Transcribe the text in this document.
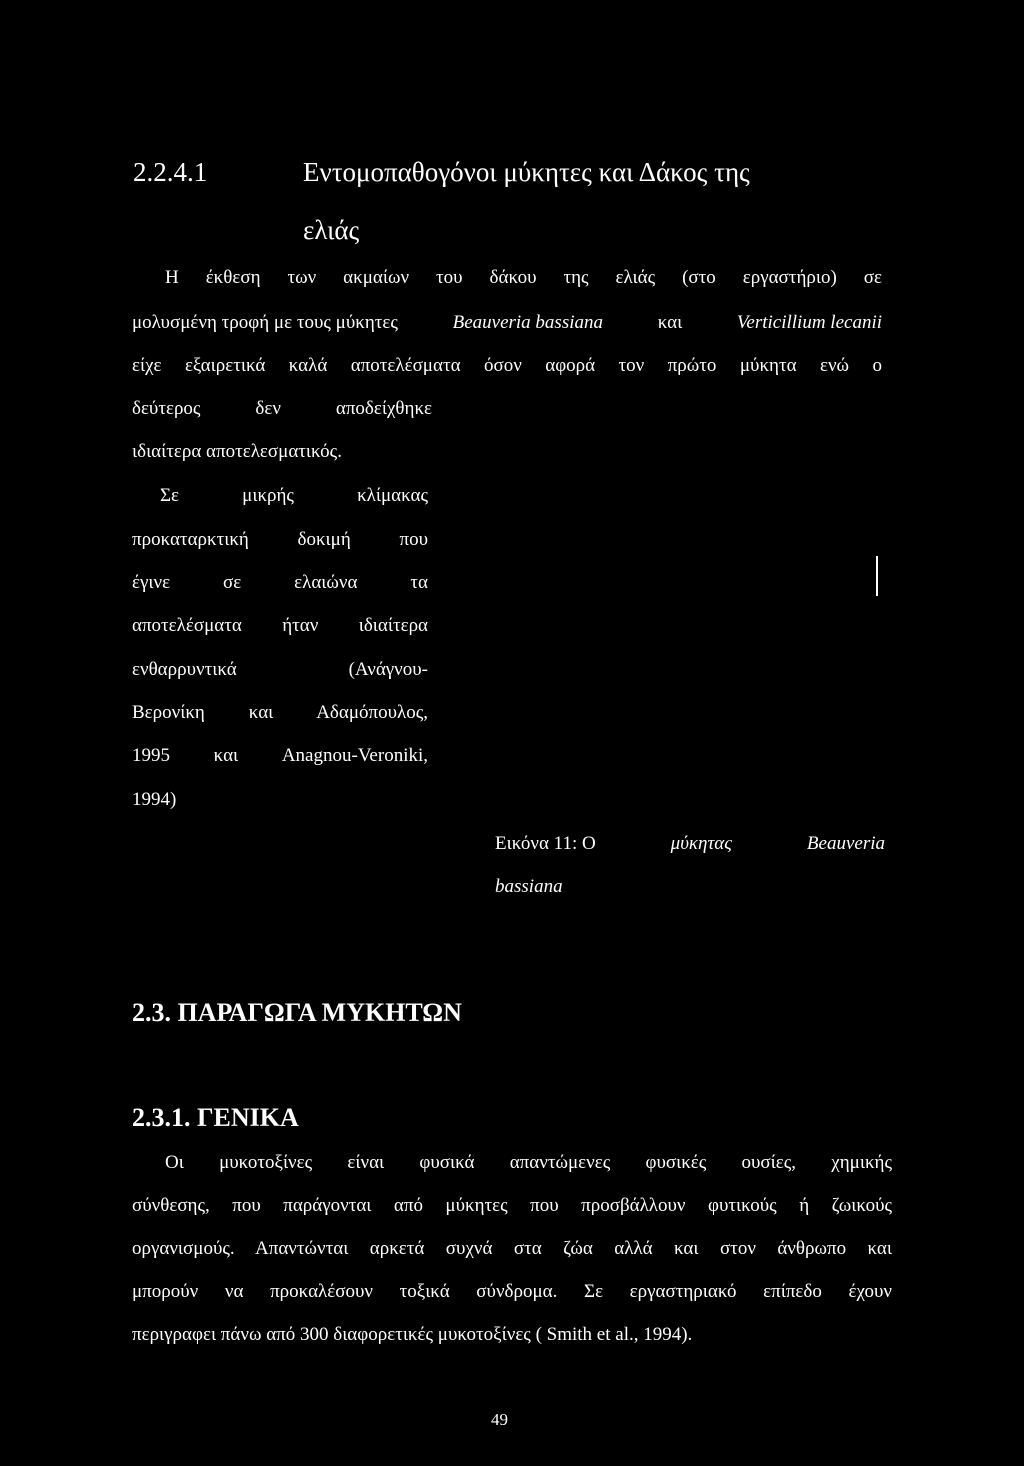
2.2.4.1	Εντομοπαθογόνοι μύκητες και Δάκος της
ελιάς
Η έκθεση των ακμαίων του δάκου της ελιάς (στο εργαστήριο) σε
μολυσμένη τροφή με τους μύκητες	Beauveria bassiana	και	Verticillium lecanii
είχε εξαιρετικά καλά αποτελέσματα όσον αφορά τον πρώτο μύκητα ενώ ο
δεύτερος δεν αποδείχθηκε
ιδιαίτερα αποτελεσματικός.
Σε μικρής κλίμακας
προκαταρκτική δοκιμή που
έγινε σε ελαιώνα τα
αποτελέσματα ήταν ιδιαίτερα
ενθαρρυντικά (Ανάγνου-
Βερονίκη και Αδαμόπουλος,
1995 και Anagnou-Veroniki,
1994)
Εικόνα 11: Ο	μύκητας	Beauveria
bassiana
2.3. ΠΑΡΑΓΩΓΑ ΜΥΚΗΤΩΝ
2.3.1. ΓΕΝΙΚΑ
Οι μυκοτοξίνες είναι φυσικά απαντώμενες φυσικές ουσίες, χημικής
σύνθεσης, που παράγονται από μύκητες που προσβάλλουν φυτικούς ή ζωικούς
οργανισμούς. Απαντώνται αρκετά συχνά στα ζώα αλλά και στον άνθρωπο και
μπορούν να προκαλέσουν τοξικά σύνδρομα. Σε εργαστηριακό επίπεδο έχουν
περιγραφει πάνω από 300 διαφορετικές μυκοτοξίνες ( Smith et al., 1994).
49
